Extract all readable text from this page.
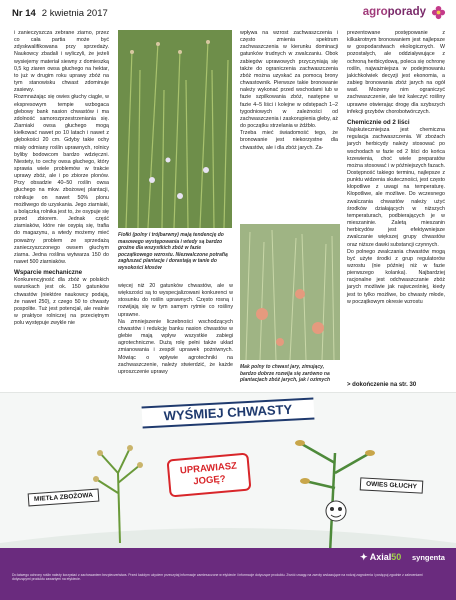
Nr 14 2 kwietnia 2017	agroporady

i zanieczyszcza zebrane ziarno, przez co cała partia może być zdyskwalifikowana przy sprzedaży. Naukowcy zbadali i wyliczyli, że jeżeli wysiejemy materiał siewny z domieszką 0,5 kg ziaren owsa głuchego na hektar, to już w drugim roku uprawy zbóż na tym stanowisku chwast zdominuje zasiewy.

Rozmnażając się owies głuchy ciągle, w ekspresowym tempie wzbogaca glebowy bank nasion chwastów i ma zdolność samorozprzestrzeniania się. Ziarniaki owsa głuchego mogą kiełkować nawet po 10 latach i nawet z głębokości 20 cm. Gdyby takie ochy miały odmiany roślin uprawnych, rolnicy byliby bodowcom bardzo wdzięczni. Niestety, to cechy owsa głuchego, który sprawia wiele problemów w trakcie uprawy zbóż, ale i po zbiorze plonów. Przy obsadzie 40–50 roślin owsa głuchego na mkw. zbożowej plantacji, rolnikuje on nawet 50% plonu możliwego do uzyskania. Jego ziarniaki, a bolączką rolnika jest to, że osypuje się przed zbiorem. Jednak część ziarniaków, które nie osypią się, trafia do magazynu, a wtedy możemy mieć poważny problem ze sprzedażą zanieczyszczonego owsem głuchym ziarna. Jedna roślina wytwarza 150 do nawet 500 ziarniaków.

Wsparcie mechaniczne

Konkurencyjność dla zbóż w polskich warunkach jest ok. 150 gatunków chwastów (niektóre naukowcy podają, że nawet 250), z czego 50 to chwasty pospolite. Tuż jest potencjał, ale realnie w praktyce rolniczej na przeciętnym polu występuje zwykle nie

Fiołki (polny i trójbarwny) mają tendencję do masowego występowania i wtedy są bardzo groźne dla wszystkich zbóż w fazie początkowego wzrostu. Niezwalczone potrafią zagłuszać plantacje i dorastają w tanie do wysokości kłosów

więcej niż 20 gatunków chwastów, ale w większości są to wyspecjalizowani konkurenci w stosunku do roślin uprawnych. Często rosną i rozwijają się w tym samym rytmie co rośliny uprawne.

Na zmniejszenie liczebności wschodzących chwastów i redukcję banku nasion chwastów w glebie mają wpływ wszystkie zabiegi agrotechniczne. Dużą rolę pełni także układ zmianowania i zespół uprawek pożniwnych. Mówiąc o wpływie agrotechniki na zachwaszczenie, należy stwierdzić, że każde uproszczenie uprawy

wpływa na wzrost zachwaszczenia i często zmienia spektrum zachwaszczenia w kierunku dominacji gatunków trudnych w zwalczaniu. Obok zabiegów uprawowych przyczyniają się także do ograniczenia zachwaszczenia zbóż można uzyskać za pomocą brony chwastownik. Pierwsze takie bronowanie należy wykonać przed wschodami lub w fazie szpilkowania zbóż, następne w fazie 4–5 liści i kolejne w odstępach 1–2 tygodniowych w zależności od zachwaszczenia i zaskorupienia gleby, aż do początku strzelania w źdźbło.

Trzeba mieć świadomość tego, że bronowanie jest niekorzystne dla chwastów, ale i dla zbóż jarych. Za-

Mak polny to chwast jary, zimujący, bardzo dobrze rozwija się zarówno na plantacjach zbóż jarych, jak i ozimych

prezentowane postępowanie z kilkakrotnym bronowaniem jest najlepsze w gospodarstwach ekologicznych. W pozostałych, ale oddziaływujące z ochroną herbicydową, poleca się ochronę roślin, najważniejsza w podejmowaniu jakichkolwiek decyzji jest ekonomia, a zabieg bronowania zbóż jarych na ogół wad. Możemy nim ograniczyć zachwaszczenie, ale też kaleczyć rośliny uprawne otwierając drogę dla szybszych infekcji grzybów chorobotwórczych.

Chemicznie od 2 liści

Najskuteczniejsza jest chemiczna regulacja zachwaszczenia. W zbożach jarych herbicydy należy stosować po wschodach w fazie od 2 liści do końca krzewienia, choć wiele preparatów można stosować i w późniejszych fazach. Dostępność takiego terminu, najlepsze z punktu widzenia skuteczności, jest często kłopotliwe z uwagi na temperaturę. Kłopotliwe, ale możliwe. Do wczesnego zwalczania chwastów należy użyć środków działających w niższych temperaturach, podbierających je w mieszaninie. Zaletą mieszanin herbicydów jest efektywniejsze zwalczanie większej grupy chwastów oraz niższe dawki substancji czynnych.

Do polnego zwalczania chwastów mogą być użyte środki z grup regulatorów wzrostu (nie później niż w fazie pierwszego kolanka). Najbardziej racjonalne jest odchwaszczanie zbóż jarych możliwie jak najwcześniej, kiedy jest to tylko możliwe, bo chwasty młode, w początkowym okresie wzrostu

> dokończenie na str. 30
WYŚMIEJ CHWASTY
UPRAWIASZ JOGĘ?
MIETŁA ZBOŻOWA
OWIES GŁUCHY
✦ Axial50 syngenta
Do łatwego ochrony roślin należy korzystać z zachowaniem bezpieczeństwa. Przed każdym użyciem przeczytaj informacje zamieszczone w etykiecie i informacje dotyczące produktu. Zwróć uwagę na zwroty wskazujące na rodzaj zagrożenia i postępuj zgodnie z zaleceniami dotyczącymi produktu zawartymi na etykiecie.
